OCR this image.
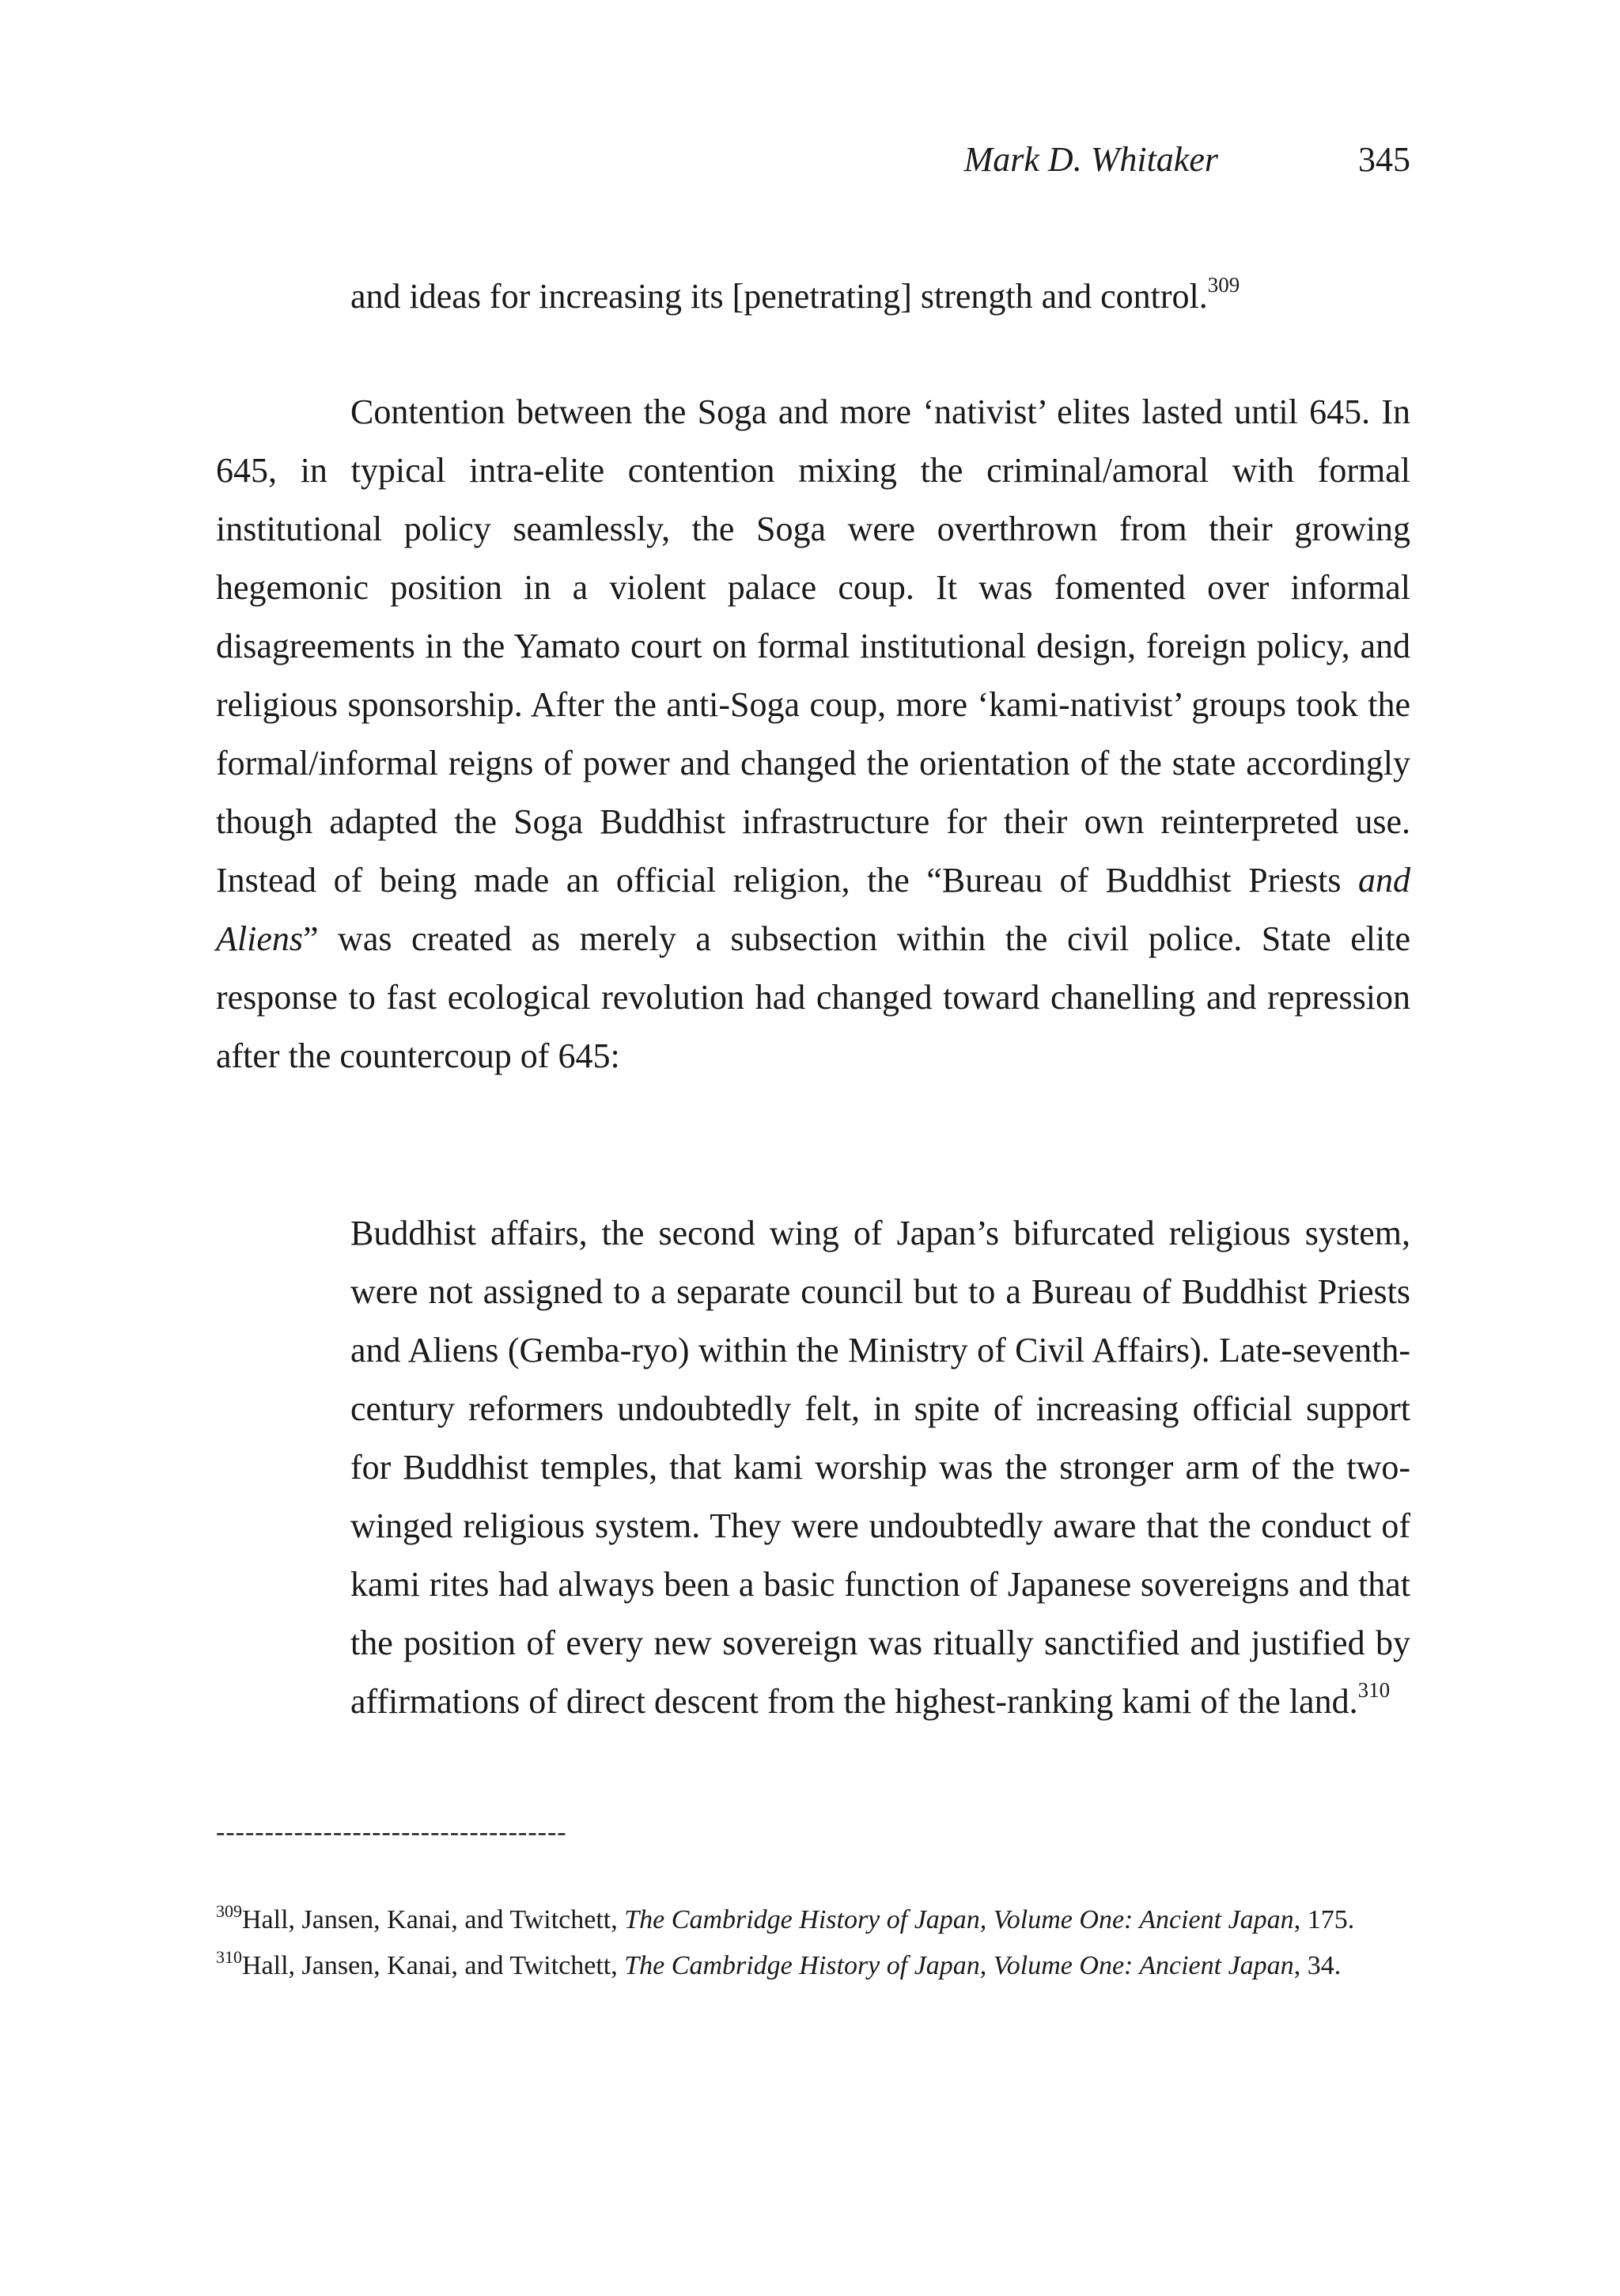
Mark D. Whitaker	345

and ideas for increasing its [penetrating] strength and control.$^{309}$

Contention between the Soga and more ‘nativist’ elites lasted until 645. In 645, in typical intra-elite contention mixing the criminal/amoral with formal institutional policy seamlessly, the Soga were overthrown from their growing hegemonic position in a violent palace coup. It was fomented over informal disagreements in the Yamato court on formal institutional design, foreign policy, and religious sponsorship. After the anti-Soga coup, more ‘kami-nativist’ groups took the formal/informal reigns of power and changed the orientation of the state accordingly though adapted the Soga Buddhist infrastructure for their own reinterpreted use. Instead of being made an official religion, the “Bureau of Buddhist Priests and Aliens” was created as merely a subsection within the civil police. State elite response to fast ecological revolution had changed toward chanelling and repression after the countercoup of 645:

Buddhist affairs, the second wing of Japan’s bifurcated religious system, were not assigned to a separate council but to a Bureau of Buddhist Priests and Aliens (Gemba-ryo) within the Ministry of Civil Affairs). Late-seventh-century reformers undoubtedly felt, in spite of increasing official support for Buddhist temples, that kami worship was the stronger arm of the two-winged religious system. They were undoubtedly aware that the conduct of kami rites had always been a basic function of Japanese sovereigns and that the position of every new sovereign was ritually sanctified and justified by affirmations of direct descent from the highest-ranking kami of the land.$^{310}$

------------------------------------

$^{309}$Hall, Jansen, Kanai, and Twitchett, The Cambridge History of Japan, Volume One: Ancient Japan, 175.

$^{310}$Hall, Jansen, Kanai, and Twitchett, The Cambridge History of Japan, Volume One: Ancient Japan, 34.
